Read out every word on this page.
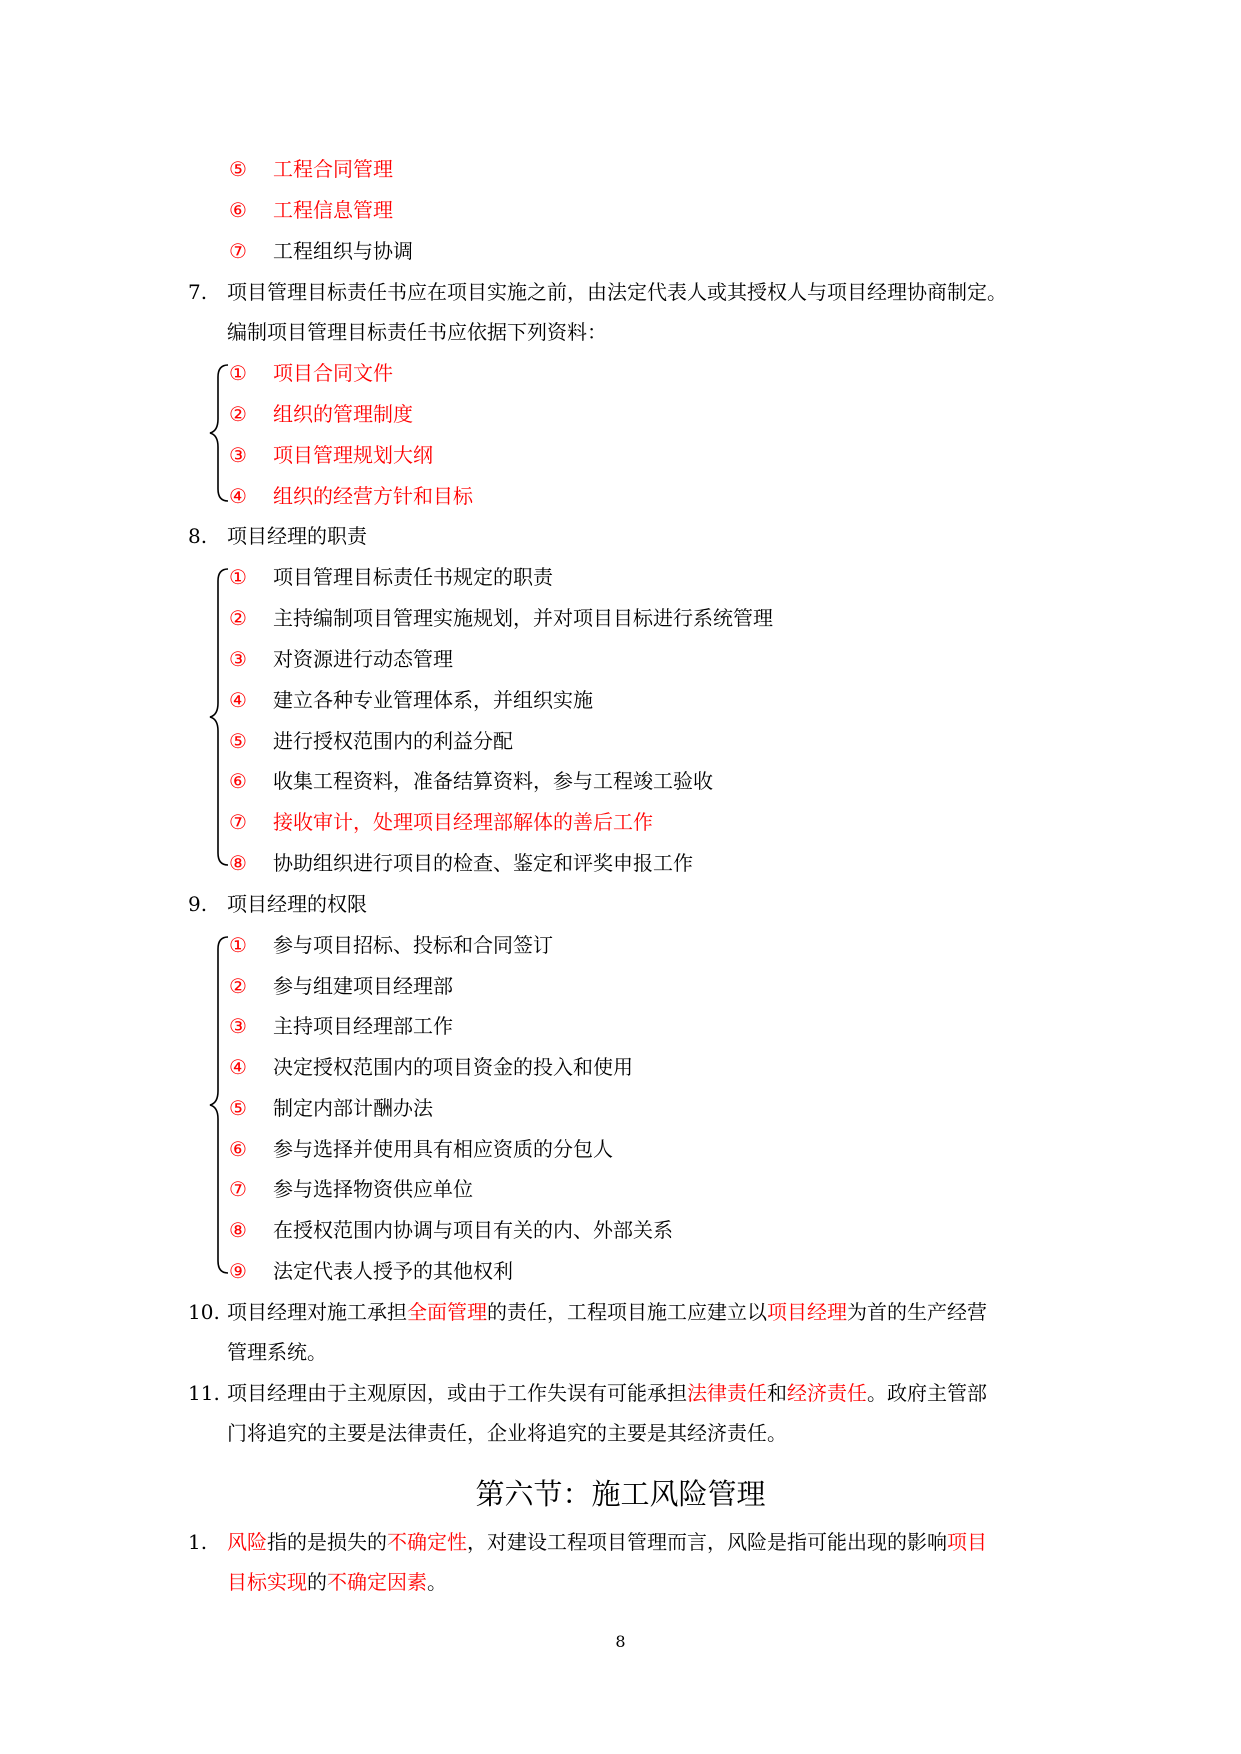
⑤ 工程合同管理
⑥ 工程信息管理
⑦ 工程组织与协调
7. 项目管理目标责任书应在项目实施之前，由法定代表人或其授权人与项目经理协商制定。
编制项目管理目标责任书应依据下列资料：
① 项目合同文件
② 组织的管理制度
③ 项目管理规划大纲
④ 组织的经营方针和目标
8. 项目经理的职责
① 项目管理目标责任书规定的职责
② 主持编制项目管理实施规划，并对项目目标进行系统管理
③ 对资源进行动态管理
④ 建立各种专业管理体系，并组织实施
⑤ 进行授权范围内的利益分配
⑥ 收集工程资料，准备结算资料，参与工程竣工验收
⑦ 接收审计，处理项目经理部解体的善后工作
⑧ 协助组织进行项目的检查、鉴定和评奖申报工作
9. 项目经理的权限
① 参与项目招标、投标和合同签订
② 参与组建项目经理部
③ 主持项目经理部工作
④ 决定授权范围内的项目资金的投入和使用
⑤ 制定内部计酬办法
⑥ 参与选择并使用具有相应资质的分包人
⑦ 参与选择物资供应单位
⑧ 在授权范围内协调与项目有关的内、外部关系
⑨ 法定代表人授予的其他权利
10. 项目经理对施工承担全面管理的责任，工程项目施工应建立以项目经理为首的生产经营
管理系统。
11. 项目经理由于主观原因，或由于工作失误有可能承担法律责任和经济责任。政府主管部
门将追究的主要是法律责任，企业将追究的主要是其经济责任。
第六节：施工风险管理
1. 风险指的是损失的不确定性，对建设工程项目管理而言，风险是指可能出现的影响项目
目标实现的不确定因素。
8
